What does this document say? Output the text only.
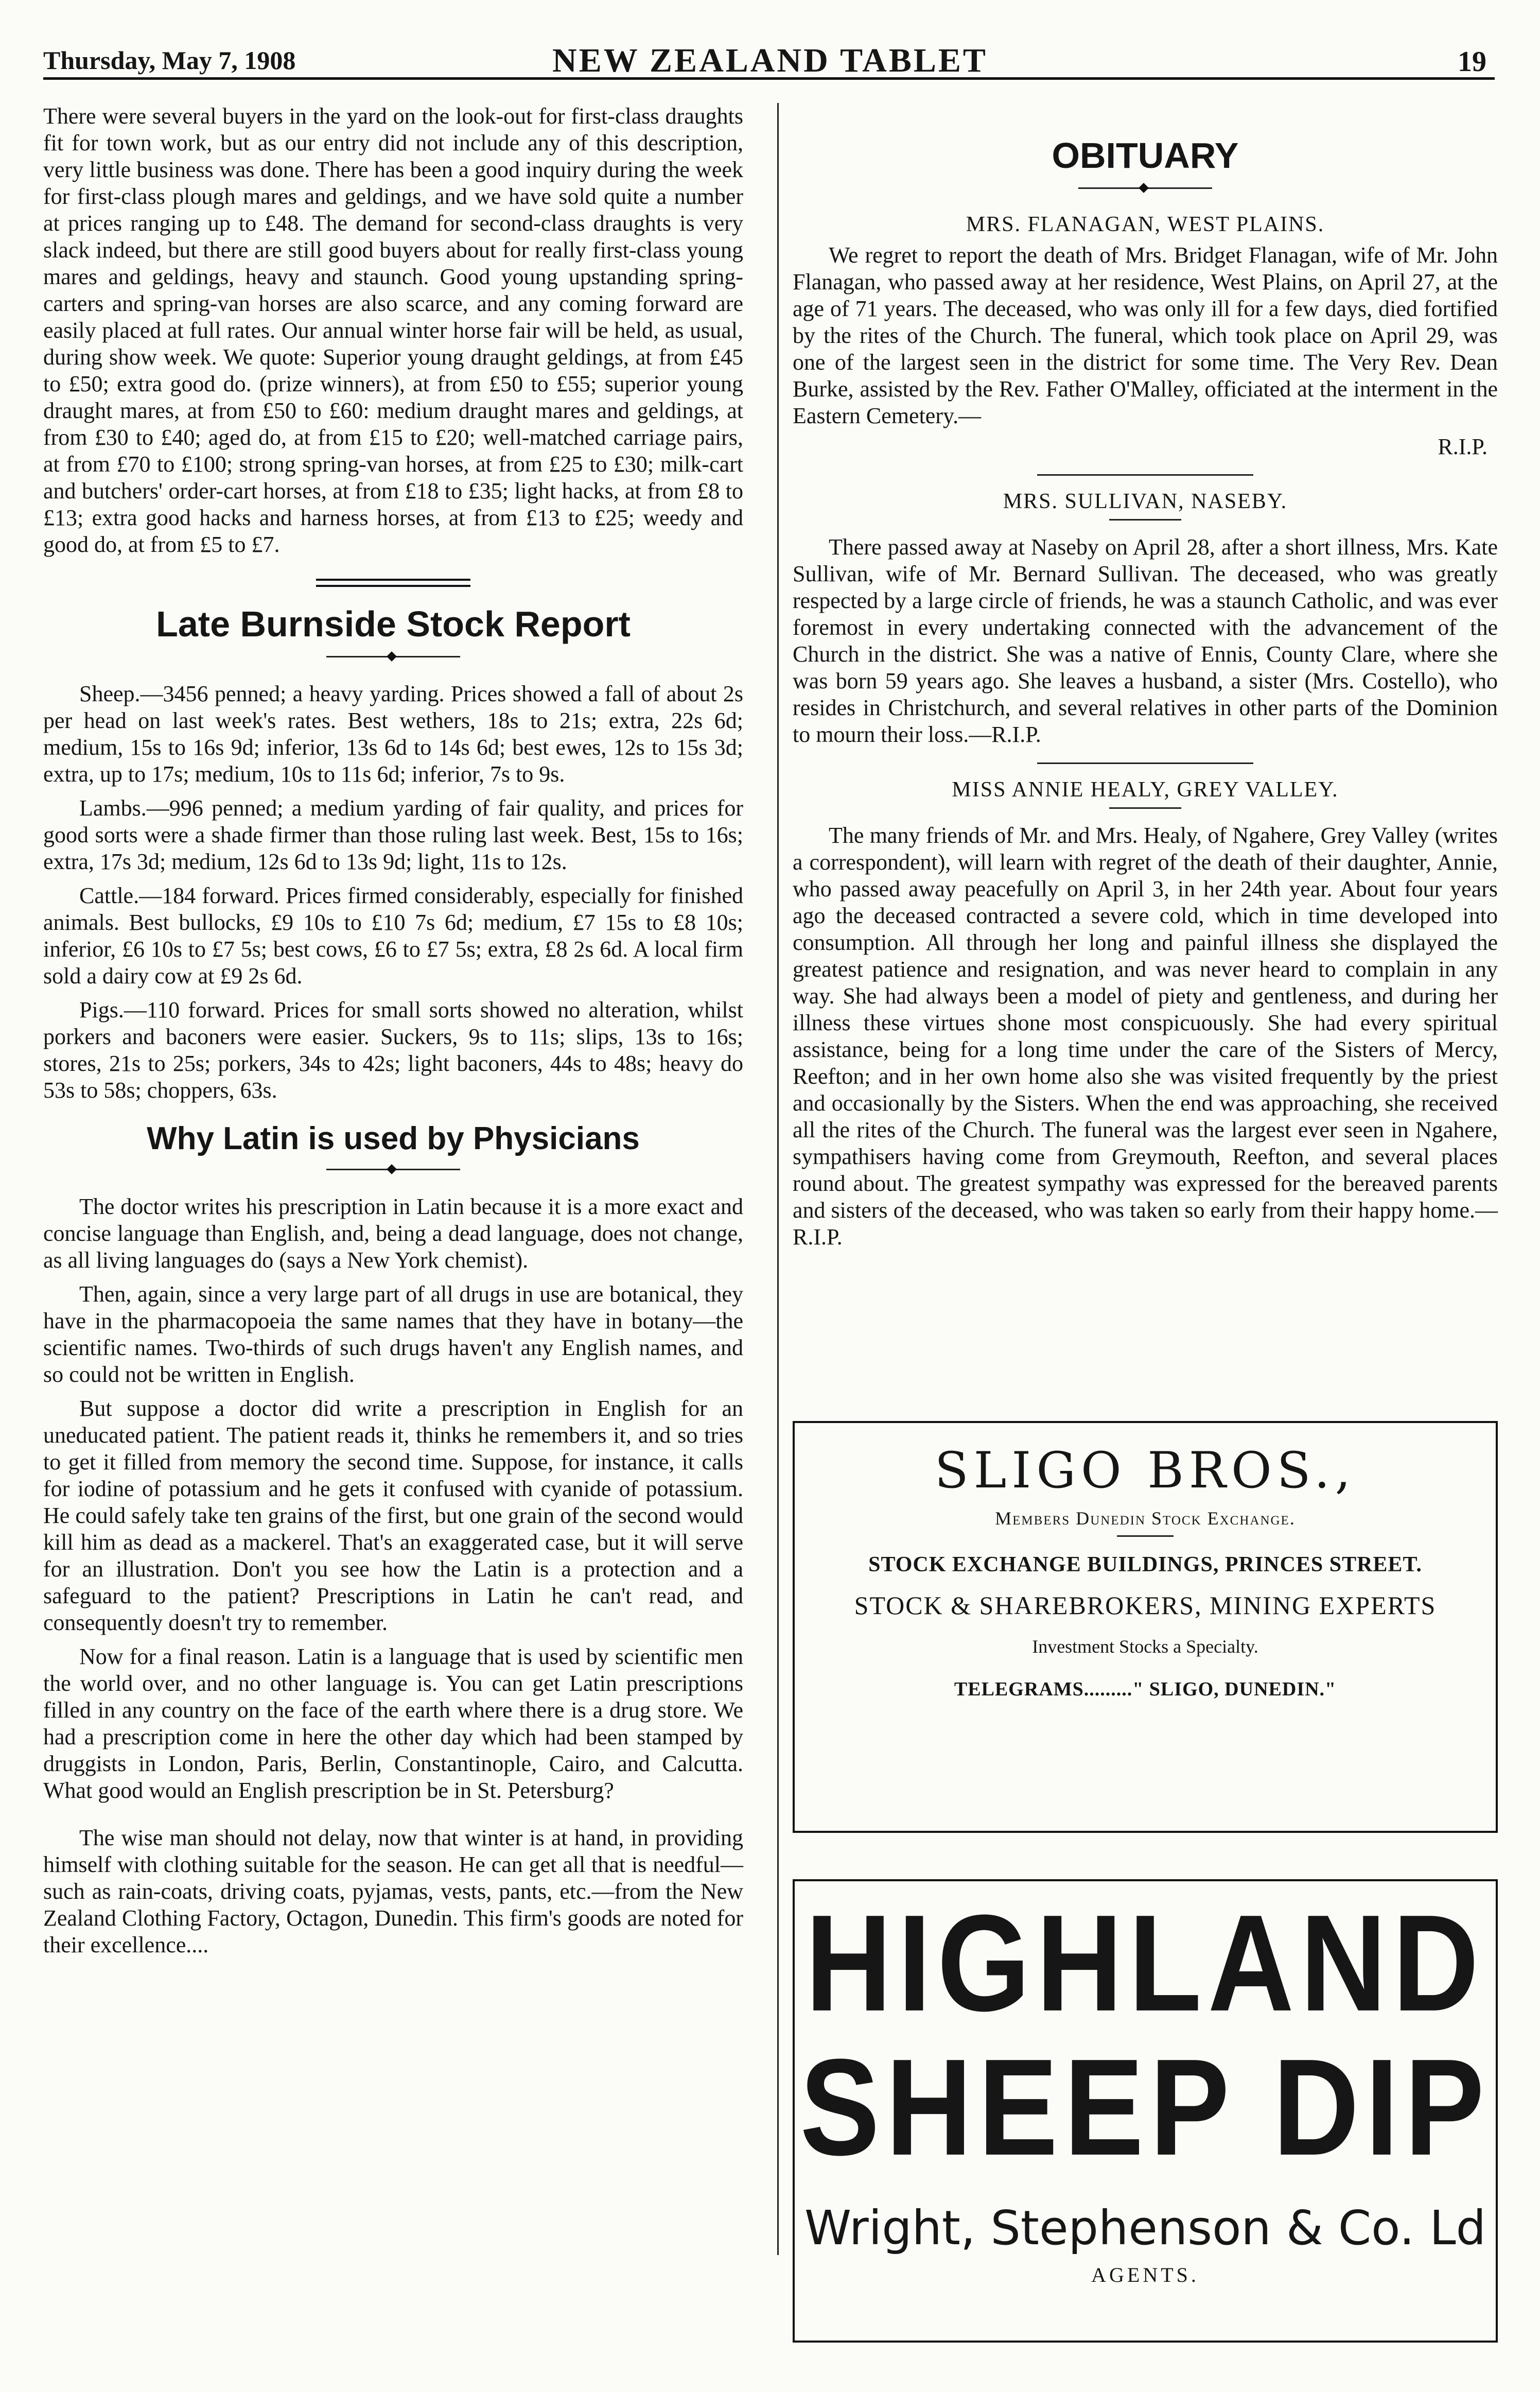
Thursday, May 7, 1908	NEW ZEALAND TABLET	19

There were several buyers in the yard on the look-out for first-class draughts fit for town work, but as our entry did not include any of this description, very little business was done. There has been a good inquiry during the week for first-class plough mares and geldings, and we have sold quite a number at prices ranging up to £48. The demand for second-class draughts is very slack indeed, but there are still good buyers about for really first-class young mares and geldings, heavy and staunch. Good young upstanding spring-carters and spring-van horses are also scarce, and any coming forward are easily placed at full rates. Our annual winter horse fair will be held, as usual, during show week. We quote: Superior young draught geldings, at from £45 to £50; extra good do. (prize winners), at from £50 to £55; superior young draught mares, at from £50 to £60: medium draught mares and geldings, at from £30 to £40; aged do, at from £15 to £20; well-matched carriage pairs, at from £70 to £100; strong spring-van horses, at from £25 to £30; milk-cart and butchers' order-cart horses, at from £18 to £35; light hacks, at from £8 to £13; extra good hacks and harness horses, at from £13 to £25; weedy and good do, at from £5 to £7.

Late Burnside Stock Report

Sheep.—3456 penned; a heavy yarding. Prices showed a fall of about 2s per head on last week's rates. Best wethers, 18s to 21s; extra, 22s 6d; medium, 15s to 16s 9d; inferior, 13s 6d to 14s 6d; best ewes, 12s to 15s 3d; extra, up to 17s; medium, 10s to 11s 6d; inferior, 7s to 9s.

Lambs.—996 penned; a medium yarding of fair quality, and prices for good sorts were a shade firmer than those ruling last week. Best, 15s to 16s; extra, 17s 3d; medium, 12s 6d to 13s 9d; light, 11s to 12s.

Cattle.—184 forward. Prices firmed considerably, especially for finished animals. Best bullocks, £9 10s to £10 7s 6d; medium, £7 15s to £8 10s; inferior, £6 10s to £7 5s; best cows, £6 to £7 5s; extra, £8 2s 6d. A local firm sold a dairy cow at £9 2s 6d.

Pigs.—110 forward. Prices for small sorts showed no alteration, whilst porkers and baconers were easier. Suckers, 9s to 11s; slips, 13s to 16s; stores, 21s to 25s; porkers, 34s to 42s; light baconers, 44s to 48s; heavy do 53s to 58s; choppers, 63s.

Why Latin is used by Physicians

The doctor writes his prescription in Latin because it is a more exact and concise language than English, and, being a dead language, does not change, as all living languages do (says a New York chemist).

Then, again, since a very large part of all drugs in use are botanical, they have in the pharmacopoeia the same names that they have in botany—the scientific names. Two-thirds of such drugs haven't any English names, and so could not be written in English.

But suppose a doctor did write a prescription in English for an uneducated patient. The patient reads it, thinks he remembers it, and so tries to get it filled from memory the second time. Suppose, for instance, it calls for iodine of potassium and he gets it confused with cyanide of potassium. He could safely take ten grains of the first, but one grain of the second would kill him as dead as a mackerel. That's an exaggerated case, but it will serve for an illustration. Don't you see how the Latin is a protection and a safeguard to the patient? Prescriptions in Latin he can't read, and consequently doesn't try to remember.

Now for a final reason. Latin is a language that is used by scientific men the world over, and no other language is. You can get Latin prescriptions filled in any country on the face of the earth where there is a drug store. We had a prescription come in here the other day which had been stamped by druggists in London, Paris, Berlin, Constantinople, Cairo, and Calcutta. What good would an English prescription be in St. Petersburg?

The wise man should not delay, now that winter is at hand, in providing himself with clothing suitable for the season. He can get all that is needful—such as rain-coats, driving coats, pyjamas, vests, pants, etc.—from the New Zealand Clothing Factory, Octagon, Dunedin. This firm's goods are noted for their excellence....

OBITUARY
MRS. FLANAGAN, WEST PLAINS.

We regret to report the death of Mrs. Bridget Flanagan, wife of Mr. John Flanagan, who passed away at her residence, West Plains, on April 27, at the age of 71 years. The deceased, who was only ill for a few days, died fortified by the rites of the Church. The funeral, which took place on April 29, was one of the largest seen in the district for some time. The Very Rev. Dean Burke, assisted by the Rev. Father O'Malley, officiated at the interment in the Eastern Cemetery.—

R.I.P.
MRS. SULLIVAN, NASEBY.

There passed away at Naseby on April 28, after a short illness, Mrs. Kate Sullivan, wife of Mr. Bernard Sullivan. The deceased, who was greatly respected by a large circle of friends, he was a staunch Catholic, and was ever foremost in every undertaking connected with the advancement of the Church in the district. She was a native of Ennis, County Clare, where she was born 59 years ago. She leaves a husband, a sister (Mrs. Costello), who resides in Christchurch, and several relatives in other parts of the Dominion to mourn their loss.—R.I.P.

MISS ANNIE HEALY, GREY VALLEY.

The many friends of Mr. and Mrs. Healy, of Ngahere, Grey Valley (writes a correspondent), will learn with regret of the death of their daughter, Annie, who passed away peacefully on April 3, in her 24th year. About four years ago the deceased contracted a severe cold, which in time developed into consumption. All through her long and painful illness she displayed the greatest patience and resignation, and was never heard to complain in any way. She had always been a model of piety and gentleness, and during her illness these virtues shone most conspicuously. She had every spiritual assistance, being for a long time under the care of the Sisters of Mercy, Reefton; and in her own home also she was visited frequently by the priest and occasionally by the Sisters. When the end was approaching, she received all the rites of the Church. The funeral was the largest ever seen in Ngahere, sympathisers having come from Greymouth, Reefton, and several places round about. The greatest sympathy was expressed for the bereaved parents and sisters of the deceased, who was taken so early from their happy home.—R.I.P.

SLIGO BROS.,
Members Dunedin Stock Exchange.
STOCK EXCHANGE BUILDINGS, PRINCES STREET.
STOCK & SHAREBROKERS, MINING EXPERTS
Investment Stocks a Specialty.
TELEGRAMS........." SLIGO, DUNEDIN."
HIGHLAND
SHEEP DIP
Wright, Stephenson & Co. Ld
AGENTS.
